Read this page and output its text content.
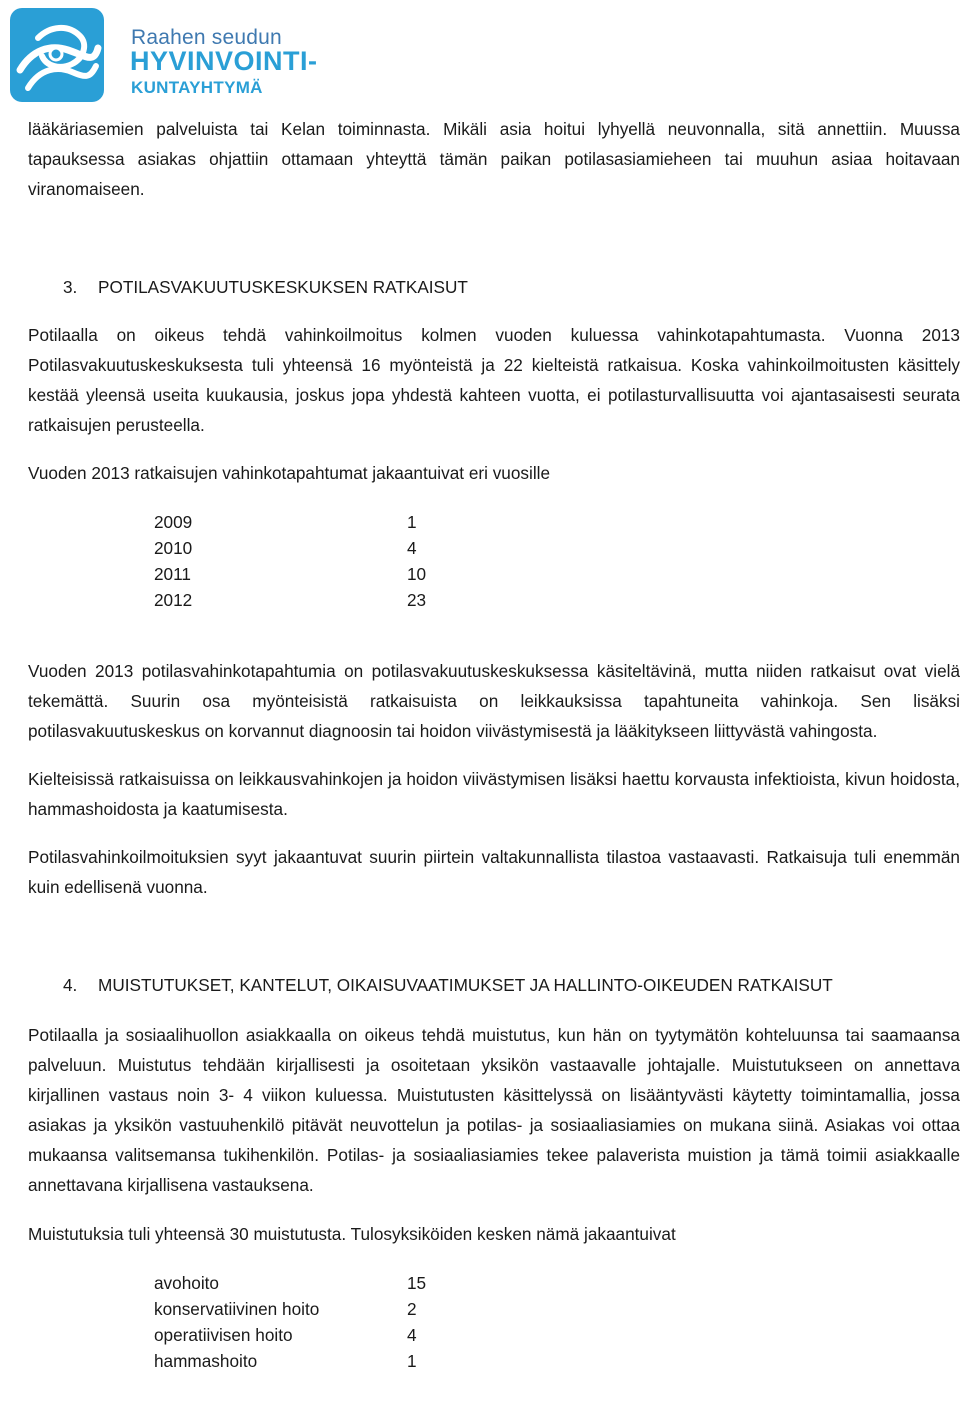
Raahen seudun
HYVINVOINTI-
KUNTAYHTYMÄ

lääkäriasemien palveluista tai Kelan toiminnasta. Mikäli asia hoitui lyhyellä neuvonnalla, sitä annettiin. Muussa tapauksessa asiakas ohjattiin ottamaan yhteyttä tämän paikan potilasasiamieheen tai muuhun asiaa hoitavaan viranomaiseen.

3. POTILASVAKUUTUSKESKUKSEN RATKAISUT

Potilaalla on oikeus tehdä vahinkoilmoitus kolmen vuoden kuluessa vahinkotapahtumasta. Vuonna 2013 Potilasvakuutuskeskuksesta tuli yhteensä 16 myönteistä ja 22 kielteistä ratkaisua. Koska vahinkoilmoitusten käsittely kestää yleensä useita kuukausia, joskus jopa yhdestä kahteen vuotta, ei potilasturvallisuutta voi ajantasaisesti seurata ratkaisujen perusteella.

Vuoden 2013 ratkaisujen vahinkotapahtumat jakaantuivat eri vuosille

2009	1
2010	4
2011	10
2012	23

Vuoden 2013 potilasvahinkotapahtumia on potilasvakuutuskeskuksessa käsiteltävinä, mutta niiden ratkaisut ovat vielä tekemättä. Suurin osa myönteisistä ratkaisuista on leikkauksissa tapahtuneita vahinkoja. Sen lisäksi potilasvakuutuskeskus on korvannut diagnoosin tai hoidon viivästymisestä ja lääkitykseen liittyvästä vahingosta.

Kielteisissä ratkaisuissa on leikkausvahinkojen ja hoidon viivästymisen lisäksi haettu korvausta infektioista, kivun hoidosta, hammashoidosta ja kaatumisesta.

Potilasvahinkoilmoituksien syyt jakaantuvat suurin piirtein valtakunnallista tilastoa vastaavasti. Ratkaisuja tuli enemmän kuin edellisenä vuonna.

4. MUISTUTUKSET, KANTELUT, OIKAISUVAATIMUKSET JA HALLINTO-OIKEUDEN RATKAISUT

Potilaalla ja sosiaalihuollon asiakkaalla on oikeus tehdä muistutus, kun hän on tyytymätön kohteluunsa tai saamaansa palveluun. Muistutus tehdään kirjallisesti ja osoitetaan yksikön vastaavalle johtajalle. Muistutukseen on annettava kirjallinen vastaus noin 3- 4 viikon kuluessa. Muistutusten käsittelyssä on lisääntyvästi käytetty toimintamallia, jossa asiakas ja yksikön vastuuhenkilö pitävät neuvottelun ja potilas- ja sosiaaliasiamies on mukana siinä. Asiakas voi ottaa mukaansa valitsemansa tukihenkilön. Potilas- ja sosiaaliasiamies tekee palaverista muistion ja tämä toimii asiakkaalle annettavana kirjallisena vastauksena.

Muistutuksia tuli yhteensä 30 muistutusta. Tulosyksiköiden kesken nämä jakaantuivat

avohoito	15
konservatiivinen hoito	2
operatiivisen hoito	4
hammashoito	1
